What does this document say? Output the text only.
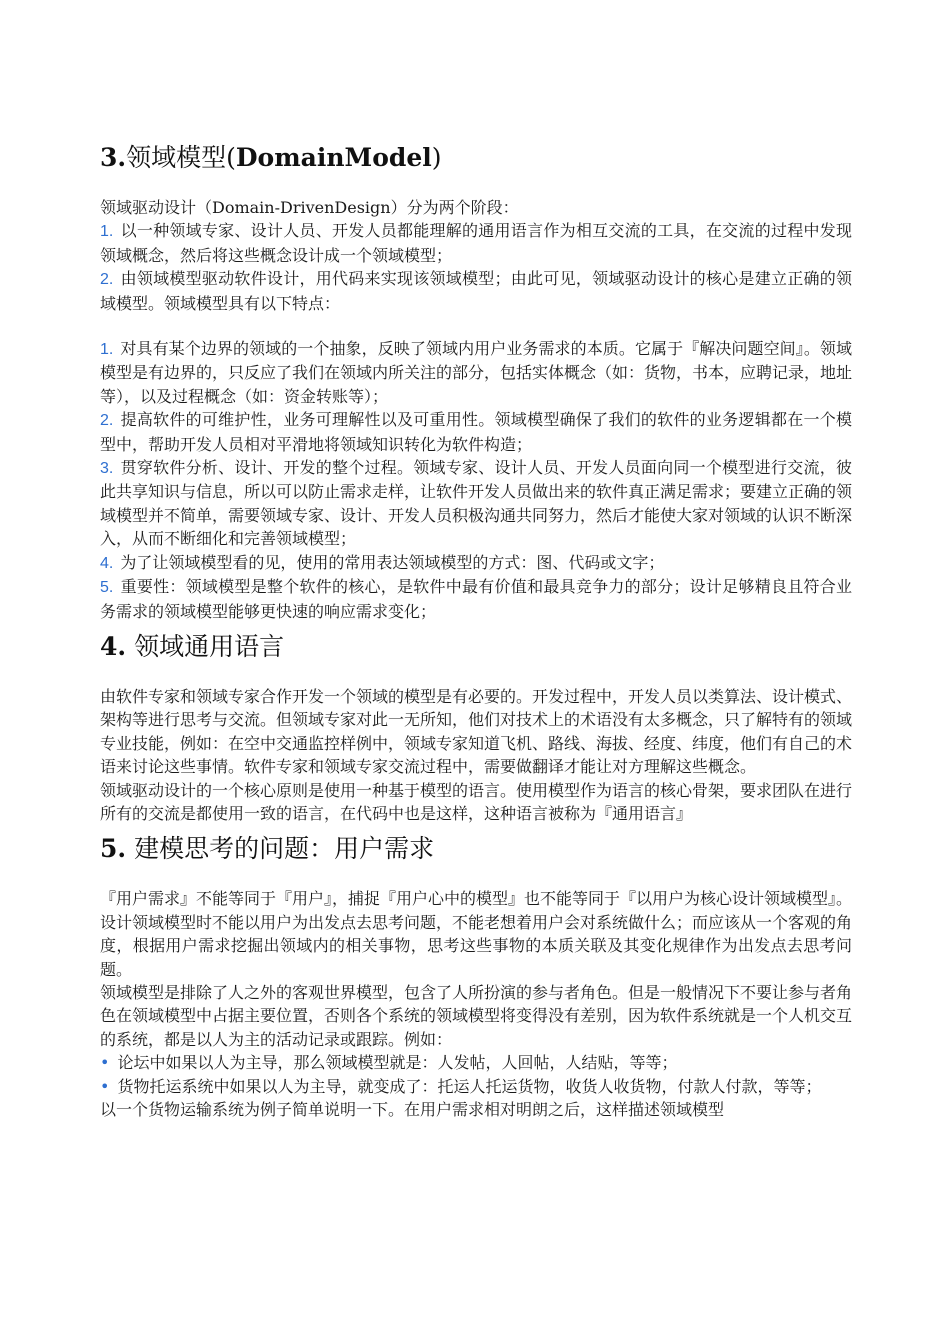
3.领域模型(DomainModel)

领域驱动设计（Domain-DrivenDesign）分为两个阶段：

1. 以一种领域专家、设计人员、开发人员都能理解的通用语言作为相互交流的工具，在交流的过程中发现领域概念，然后将这些概念设计成一个领域模型；
2. 由领域模型驱动软件设计，用代码来实现该领域模型；由此可见，领域驱动设计的核心是建立正确的领域模型。领域模型具有以下特点：
1. 对具有某个边界的领域的一个抽象，反映了领域内用户业务需求的本质。它属于『解决问题空间』。领域模型是有边界的，只反应了我们在领域内所关注的部分，包括实体概念（如：货物，书本，应聘记录，地址等），以及过程概念（如：资金转账等）；
2. 提高软件的可维护性，业务可理解性以及可重用性。领域模型确保了我们的软件的业务逻辑都在一个模型中，帮助开发人员相对平滑地将领域知识转化为软件构造；
3. 贯穿软件分析、设计、开发的整个过程。领域专家、设计人员、开发人员面向同一个模型进行交流，彼此共享知识与信息，所以可以防止需求走样，让软件开发人员做出来的软件真正满足需求；要建立正确的领域模型并不简单，需要领域专家、设计、开发人员积极沟通共同努力，然后才能使大家对领域的认识不断深入，从而不断细化和完善领域模型；
4. 为了让领域模型看的见，使用的常用表达领域模型的方式：图、代码或文字；
5. 重要性：领域模型是整个软件的核心，是软件中最有价值和最具竞争力的部分；设计足够精良且符合业务需求的领域模型能够更快速的响应需求变化；
4. 领域通用语言

由软件专家和领域专家合作开发一个领域的模型是有必要的。开发过程中，开发人员以类算法、设计模式、架构等进行思考与交流。但领域专家对此一无所知，他们对技术上的术语没有太多概念，只了解特有的领域专业技能，例如：在空中交通监控样例中，领域专家知道飞机、路线、海拔、经度、纬度，他们有自己的术语来讨论这些事情。软件专家和领域专家交流过程中，需要做翻译才能让对方理解这些概念。

领域驱动设计的一个核心原则是使用一种基于模型的语言。使用模型作为语言的核心骨架，要求团队在进行所有的交流是都使用一致的语言，在代码中也是这样，这种语言被称为『通用语言』

5. 建模思考的问题：用户需求

『用户需求』不能等同于『用户』，捕捉『用户心中的模型』也不能等同于『以用户为核心设计领域模型』。设计领域模型时不能以用户为出发点去思考问题，不能老想着用户会对系统做什么；而应该从一个客观的角度，根据用户需求挖掘出领域内的相关事物，思考这些事物的本质关联及其变化规律作为出发点去思考问题。

领域模型是排除了人之外的客观世界模型，包含了人所扮演的参与者角色。但是一般情况下不要让参与者角色在领域模型中占据主要位置，否则各个系统的领域模型将变得没有差别，因为软件系统就是一个人机交互的系统，都是以人为主的活动记录或跟踪。例如：

• 论坛中如果以人为主导，那么领域模型就是：人发帖，人回帖，人结贴，等等；
• 货物托运系统中如果以人为主导，就变成了：托运人托运货物，收货人收货物，付款人付款，等等；

以一个货物运输系统为例子简单说明一下。在用户需求相对明朗之后，这样描述领域模型
